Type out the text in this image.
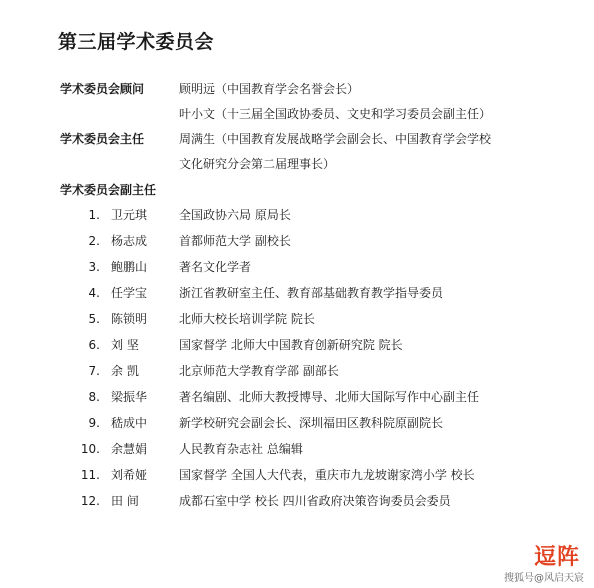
第三届学术委员会
学术委员会顾问	顾明远（中国教育学会名誉会长）
叶小文（十三届全国政协委员、文史和学习委员会副主任）
学术委员会主任	周满生（中国教育发展战略学会副会长、中国教育学会学校
文化研究分会第二届理事长）
学术委员会副主任
1. 卫元琪	全国政协六局 原局长
2. 杨志成	首都师范大学 副校长
3. 鲍鹏山	著名文化学者
4. 任学宝	浙江省教研室主任、教育部基础教育教学指导委员
5. 陈锁明	北师大校长培训学院 院长
6. 刘 坚	国家督学 北师大中国教育创新研究院 院长
7. 余 凯	北京师范大学教育学部 副部长
8. 梁振华	著名编剧、北师大教授博导、北师大国际写作中心副主任
9. 嵇成中	新学校研究会副会长、深圳福田区教科院原副院长
10. 余慧娟	人民教育杂志社 总编辑
11. 刘希娅	国家督学 全国人大代表，重庆市九龙坡谢家湾小学 校长
12. 田 间	成都石室中学 校长 四川省政府决策咨询委员会委员
逗阵
搜狐号@风启天宸
